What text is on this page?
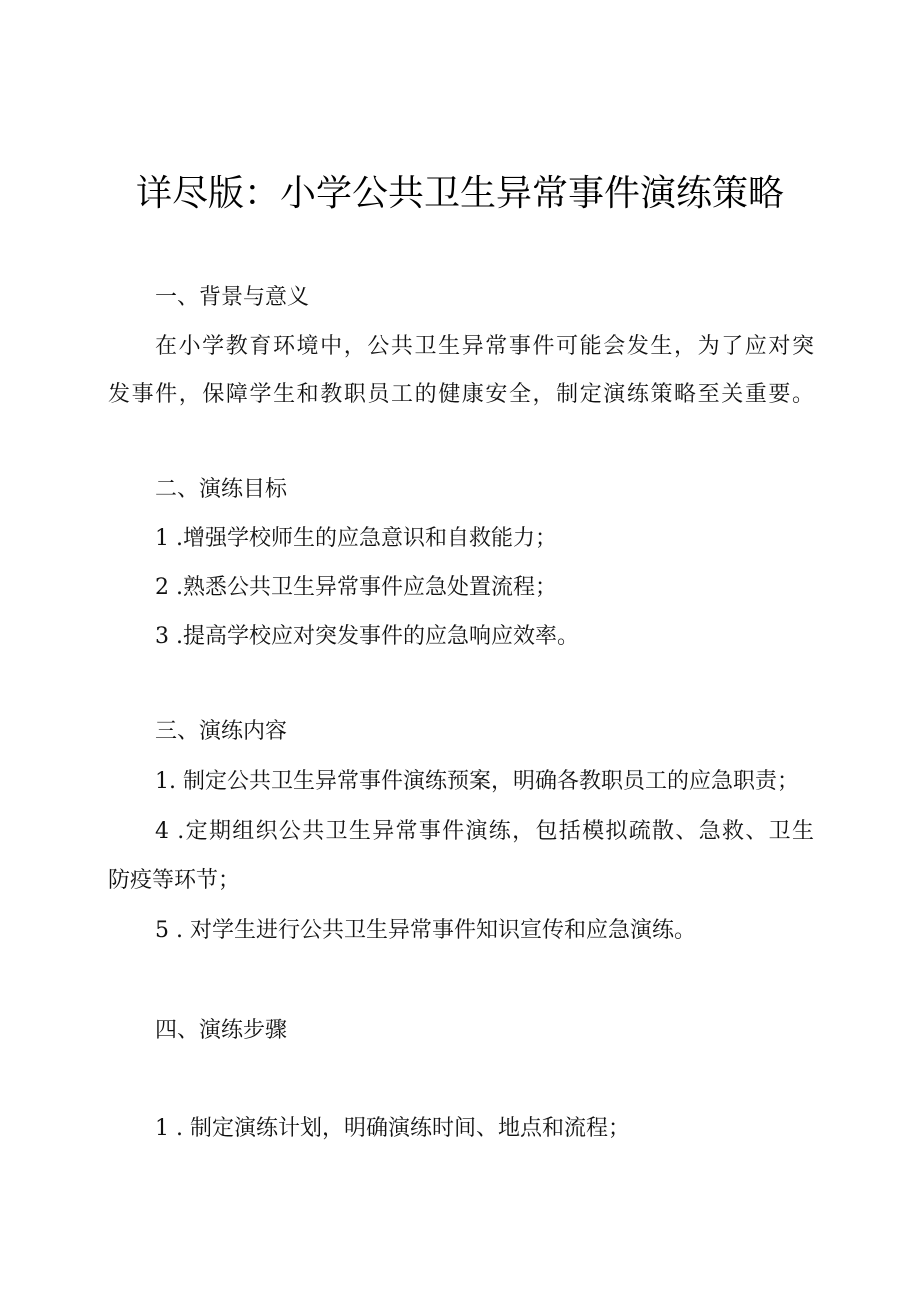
详尽版：小学公共卫生异常事件演练策略
一、背景与意义
在小学教育环境中，公共卫生异常事件可能会发生，为了应对突
发事件，保障学生和教职员工的健康安全，制定演练策略至关重要。
二、演练目标
1 .增强学校师生的应急意识和自救能力；
2 .熟悉公共卫生异常事件应急处置流程；
3 .提高学校应对突发事件的应急响应效率。
三、演练内容
1. 制定公共卫生异常事件演练预案，明确各教职员工的应急职责；
4 .定期组织公共卫生异常事件演练，包括模拟疏散、急救、卫生
防疫等环节；
5 . 对学生进行公共卫生异常事件知识宣传和应急演练。
四、演练步骤
1 . 制定演练计划，明确演练时间、地点和流程；
